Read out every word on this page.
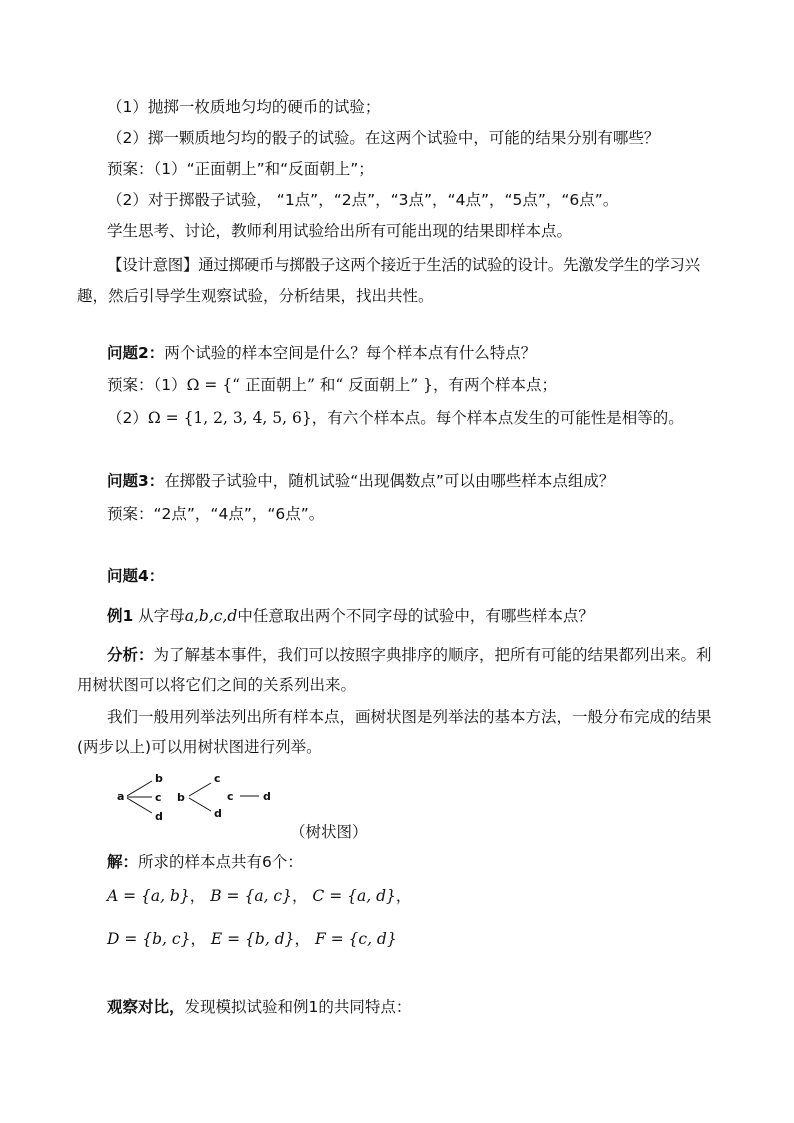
（1）抛掷一枚质地匀均的硬币的试验；
（2）掷一颗质地匀均的骰子的试验。在这两个试验中，可能的结果分别有哪些？
预案：（1）“正面朝上”和“反面朝上”；
（2）对于掷骰子试验， “1点”，“2点”，“3点”，“4点”，“5点”，“6点”。
学生思考、讨论，教师利用试验给出所有可能出现的结果即样本点。
【设计意图】通过掷硬币与掷骰子这两个接近于生活的试验的设计。先激发学生的学习兴
趣，然后引导学生观察试验，分析结果，找出共性。
问题2：两个试验的样本空间是什么？每个样本点有什么特点？
预案：（1）Ω = {“ 正面朝上” 和“ 反面朝上” }，有两个样本点；
（2）Ω = {1, 2, 3, 4, 5, 6}，有六个样本点。每个样本点发生的可能性是相等的。
问题3：在掷骰子试验中，随机试验“出现偶数点”可以由哪些样本点组成？
预案：“2点”，“4点”，“6点”。
问题4：
例1 从字母a,b,c,d中任意取出两个不同字母的试验中，有哪些样本点？
分析：为了解基本事件，我们可以按照字典排序的顺序，把所有可能的结果都列出来。利
用树状图可以将它们之间的关系列出来。
我们一般用列举法列出所有样本点，画树状图是列举法的基本方法，一般分布完成的结果
(两步以上)可以用树状图进行列举。
a
b
c
d
b
c
d
c	d
（树状图）
解：所求的样本点共有6个：
A = {a, b}， B = {a, c}， C = {a, d}，
D = {b, c}， E = {b, d}， F = {c, d}
观察对比，发现模拟试验和例1的共同特点：
